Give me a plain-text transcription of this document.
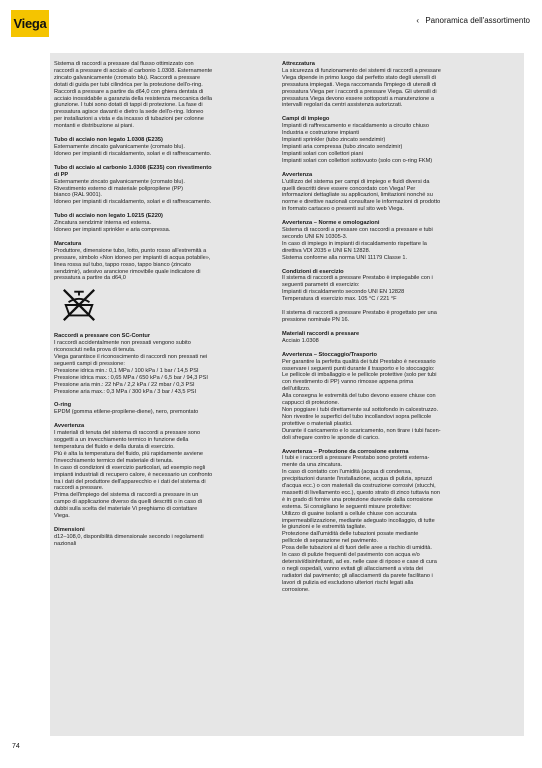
Viega	‹ Panoramica dell'assortimento

Sistema di raccordi a pressare dal flusso ottimizzato con
raccordi a pressare di acciaio al carbonio 1.0308. Esternamente
zincato galvanicamente (cromato blu). Raccordi a pressare
dotati di guida per tubi cilindrica per la protezione dell'o-ring.
Raccordi a pressare a partire da d64,0 con ghiera dentata di
acciaio inossidabile a garanzia della resistenza meccanica della
giunzione. I tubi sono dotati di tappi di protezione. La fase di
pressatura agisce davanti e dietro la sede dell'o-ring. Idoneo
per installazioni a vista e da incasso di tubazioni per colonne
montanti e distribuzione ai piani.

Tubo di acciaio non legato 1.0308 (E235)

Esternamente zincato galvanicamente (cromato blu).
Idoneo per impianti di riscaldamento, solari e di raffrescamento.

Tubo di acciaio al carbonio 1.0308 (E235) con rivestimento
di PP

Esternamente zincato galvanicamente (cromato blu).
Rivestimento esterno di materiale polipropilene (PP)
bianco (RAL 9001).
Idoneo per impianti di riscaldamento, solari e di raffrescamento.

Tubo di acciaio non legato 1.0215 (E220)

Zincatura sendzimir interna ed esterna.
Idoneo per impianti sprinkler e aria compressa.

Marcatura

Produttore, dimensione tubo, lotto, punto rosso all'estremità a
pressare, simbolo «Non idoneo per impianti di acqua potabile»,
linea rossa sul tubo, tappo rosso, tappo bianco (zincato
sendzimir), adesivo arancione rimovibile quale indicatore di
pressatura a partire da d64,0

Raccordi a pressare con SC-Contur

I raccordi accidentalmente non pressati vengono subito
riconosciuti nella prova di tenuta.
Viega garantisce il riconoscimento di raccordi non pressati nei
seguenti campi di pressione:
Pressione idrica min.: 0,1 MPa / 100 kPa / 1 bar / 14,5 PSI
Pressione idrica max.: 0,65 MPa / 650 kPa / 6,5 bar / 94,3 PSI
Pressione aria min.: 22 hPa / 2,2 kPa / 22 mbar / 0,3 PSI
Pressione aria max.: 0,3 MPa / 300 kPa / 3 bar / 43,5 PSI

O-ring

EPDM (gomma etilene-propilene-diene), nero, premontato

Avvertenza

I materiali di tenuta del sistema di raccordi a pressare sono
soggetti a un invecchiamento termico in funzione della
temperatura del fluido e della durata di esercizio.
Più è alta la temperatura del fluido, più rapidamente avviene
l'invecchiamento termico del materiale di tenuta.
In caso di condizioni di esercizio particolari, ad esempio negli
impianti industriali di recupero calore, è necessario un confronto
tra i dati del produttore dell'apparecchio e i dati del sistema di
raccordi a pressare.
Prima dell'impiego del sistema di raccordi a pressare in un
campo di applicazione diverso da quelli descritti o in caso di
dubbi sulla scelta del materiale Vi preghiamo di contattare
Viega.

Dimensioni

d12–108,0, disponibilità dimensionale secondo i regolamenti
nazionali

Attrezzatura

La sicurezza di funzionamento dei sistemi di raccordi a pressare
Viega dipende in primo luogo dal perfetto stato degli utensili di
pressatura impiegati. Viega raccomanda l'impiego di utensili di
pressatura Viega per i raccordi a pressare Viega. Gli utensili di
pressatura Viega devono essere sottoposti a manutenzione a
intervalli regolari da centri assistenza autorizzati.

Campi di impiego

Impianti di raffrescamento e riscaldamento a circuito chiuso
Industria e costruzione impianti
Impianti sprinkler (tubo zincato sendzimir)
Impianti aria compressa (tubo zincato sendzimir)
Impianti solari con collettori piani
Impianti solari con collettori sottovuoto (solo con o-ring FKM)

Avvertenza

L'utilizzo del sistema per campi di impiego e fluidi diversi da
quelli descritti deve essere concordato con Viega! Per
informazioni dettagliate su applicazioni, limitazioni nonché su
norme e direttive nazionali consultare le informazioni di prodotto
in formato cartaceo o presenti sul sito web Viega.

Avvertenza – Norme e omologazioni

Sistema di raccordi a pressare con raccordi a pressare e tubi
secondo UNI EN 10305-3.
In caso di impiego in impianti di riscaldamento rispettare la
direttiva VDI 2035 e UNI EN 12828.
Sistema conforme alla norma UNI 11179 Classe 1.

Condizioni di esercizio

Il sistema di raccordi a pressare Prestabo è impiegabile con i
seguenti parametri di esercizio:
Impianti di riscaldamento secondo UNI EN 12828
Temperatura di esercizio max. 105 °C / 221 °F

Il sistema di raccordi a pressare Prestabo è progettato per una
pressione nominale PN 16.

Materiali raccordi a pressare

Acciaio 1.0308

Avvertenza – Stoccaggio/Trasporto

Per garantire la perfetta qualità dei tubi Prestabo è necessario
osservare i seguenti punti durante il trasporto e lo stoccaggio:
Le pellicole di imballaggio e le pellicole protettive (solo per tubi
con rivestimento di PP) vanno rimosse appena prima
dell'utilizzo.
Alla consegna le estremità del tubo devono essere chiuse con
cappucci di protezione.
Non poggiare i tubi direttamente sul sottofondo in calcestruzzo.
Non rivestire le superfici del tubo incollandovi sopra pellicole
protettive o materiali plastici.
Durante il caricamento e lo scaricamento, non tirare i tubi facen-
doli sfregare contro le sponde di carico.

Avvertenza – Protezione da corrosione esterna

I tubi e i raccordi a pressare Prestabo sono protetti esterna-
mente da una zincatura.
In caso di contatto con l'umidità (acqua di condensa,
precipitazioni durante l'installazione, acqua di pulizia, spruzzi
d'acqua ecc.) o con materiali da costruzione corrosivi (stucchi,
massetti di livellamento ecc.), questo strato di zinco tuttavia non
è in grado di fornire una protezione durevole dalla corrosione
esterna. Si consigliano le seguenti misure protettive:
Utilizzo di guaine isolanti a cellule chiuse con accurata
impermeabilizzazione, mediante adeguato incollaggio, di tutte
le giunzioni e le estremità tagliate.
Protezione dall'umidità delle tubazioni posate mediante
pellicole di separazione nel pavimento.
Posa delle tubazioni al di fuori delle aree a rischio di umidità.
In caso di pulizie frequenti del pavimento con acqua e/o
detersivi/disinfettanti, ad es. nelle case di riposo e case di cura
o negli ospedali, vanno evitati gli allacciamenti a vista dei
radiatori dal pavimento; gli allacciamenti da parete facilitano i
lavori di pulizia ed escludono ulteriori rischi legati alla
corrosione.

74
